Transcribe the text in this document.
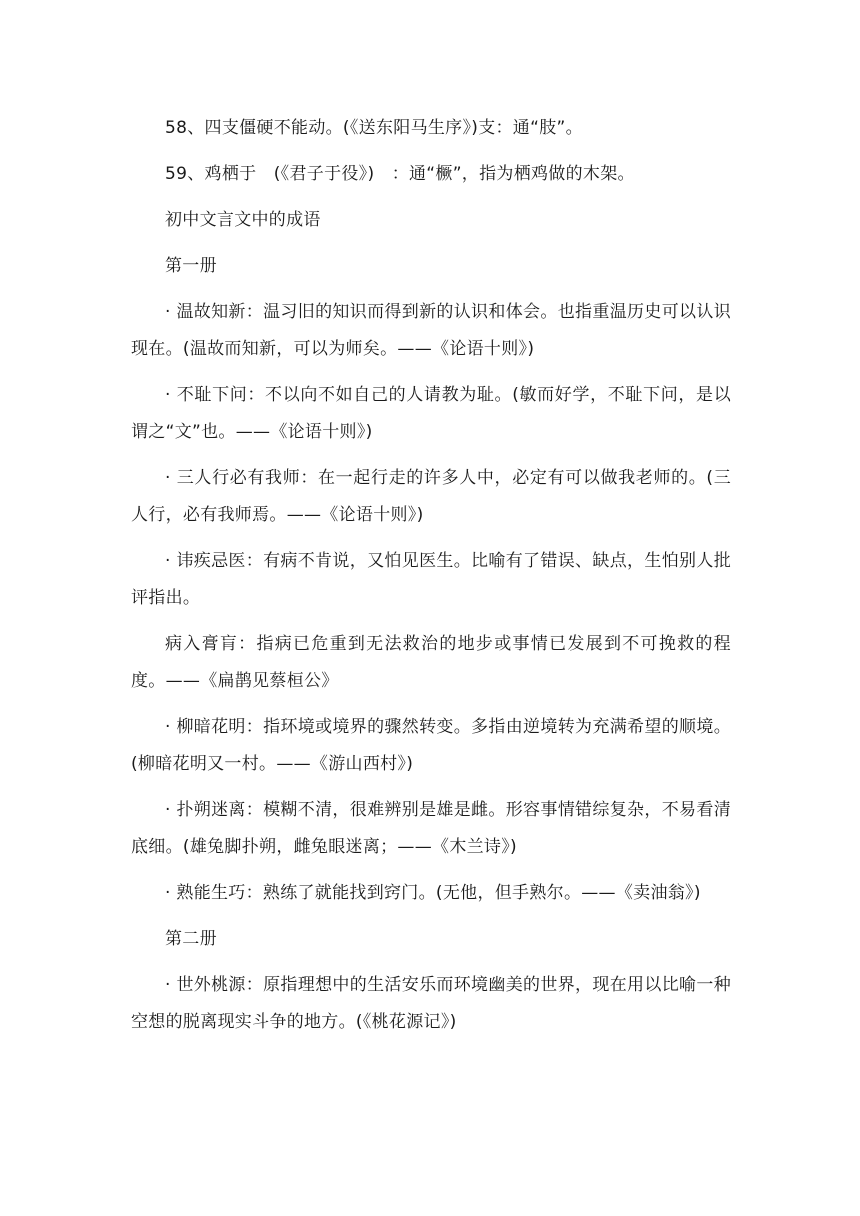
58、四支僵硬不能动。(《送东阳马生序》)支：通“肢”。

59、鸡栖于　(《君子于役》)　：通“橛”，指为栖鸡做的木架。

初中文言文中的成语

第一册

· 温故知新：温习旧的知识而得到新的认识和体会。也指重温历史可以认识现在。(温故而知新，可以为师矣。——《论语十则》)

· 不耻下问：不以向不如自己的人请教为耻。(敏而好学，不耻下问，是以谓之“文”也。——《论语十则》)

· 三人行必有我师：在一起行走的许多人中，必定有可以做我老师的。(三人行，必有我师焉。——《论语十则》)

· 讳疾忌医：有病不肯说，又怕见医生。比喻有了错误、缺点，生怕别人批评指出。

病入膏肓：指病已危重到无法救治的地步或事情已发展到不可挽救的程度。——《扁鹊见蔡桓公》

· 柳暗花明：指环境或境界的骤然转变。多指由逆境转为充满希望的顺境。(柳暗花明又一村。——《游山西村》)

· 扑朔迷离：模糊不清，很难辨别是雄是雌。形容事情错综复杂，不易看清底细。(雄兔脚扑朔，雌兔眼迷离；——《木兰诗》)

· 熟能生巧：熟练了就能找到窍门。(无他，但手熟尔。——《卖油翁》)

第二册

· 世外桃源：原指理想中的生活安乐而环境幽美的世界，现在用以比喻一种空想的脱离现实斗争的地方。(《桃花源记》)
